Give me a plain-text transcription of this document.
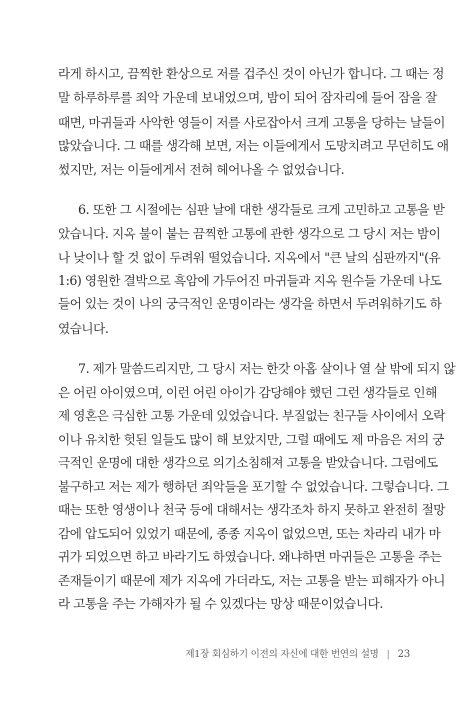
라게 하시고, 끔찍한 환상으로 저를 겁주신 것이 아닌가 합니다. 그 때는 정
말 하루하루를 죄악 가운데 보내었으며, 밤이 되어 잠자리에 들어 잠을 잘
때면, 마귀들과 사악한 영들이 저를 사로잡아서 크게 고통을 당하는 날들이
많았습니다. 그 때를 생각해 보면, 저는 이들에게서 도망치려고 무던히도 애
썼지만, 저는 이들에게서 전혀 헤어나올 수 없었습니다.
6. 또한 그 시절에는 심판 날에 대한 생각들로 크게 고민하고 고통을 받
았습니다. 지옥 불이 붙는 끔찍한 고통에 관한 생각으로 그 당시 저는 밤이
나 낮이나 할 것 없이 두려워 떨었습니다. 지옥에서 "큰 날의 심판까지"(유
1:6) 영원한 결박으로 흑암에 가두어진 마귀들과 지옥 원수들 가운데 나도
들어 있는 것이 나의 궁극적인 운명이라는 생각을 하면서 두려워하기도 하
였습니다.
7. 제가 말씀드리지만, 그 당시 저는 한갓 아홉 살이나 열 살 밖에 되지 않
은 어린 아이였으며, 이런 어린 아이가 감당해야 했던 그런 생각들로 인해
제 영혼은 극심한 고통 가운데 있었습니다. 부질없는 친구들 사이에서 오락
이나 유치한 헛된 일들도 많이 해 보았지만, 그럴 때에도 제 마음은 저의 궁
극적인 운명에 대한 생각으로 의기소침해져 고통을 받았습니다. 그럼에도
불구하고 저는 제가 행하던 죄악들을 포기할 수 없었습니다. 그렇습니다. 그
때는 또한 영생이나 천국 등에 대해서는 생각조차 하지 못하고 완전히 절망
감에 압도되어 있었기 때문에, 종종 지옥이 없었으면, 또는 차라리 내가 마
귀가 되었으면 하고 바라기도 하였습니다. 왜냐하면 마귀들은 고통을 주는
존재들이기 때문에 제가 지옥에 가더라도, 저는 고통을 받는 피해자가 아니
라 고통을 주는 가해자가 될 수 있겠다는 망상 때문이었습니다.
제1장 회심하기 이전의 자신에 대한 번연의 설명 | 23
